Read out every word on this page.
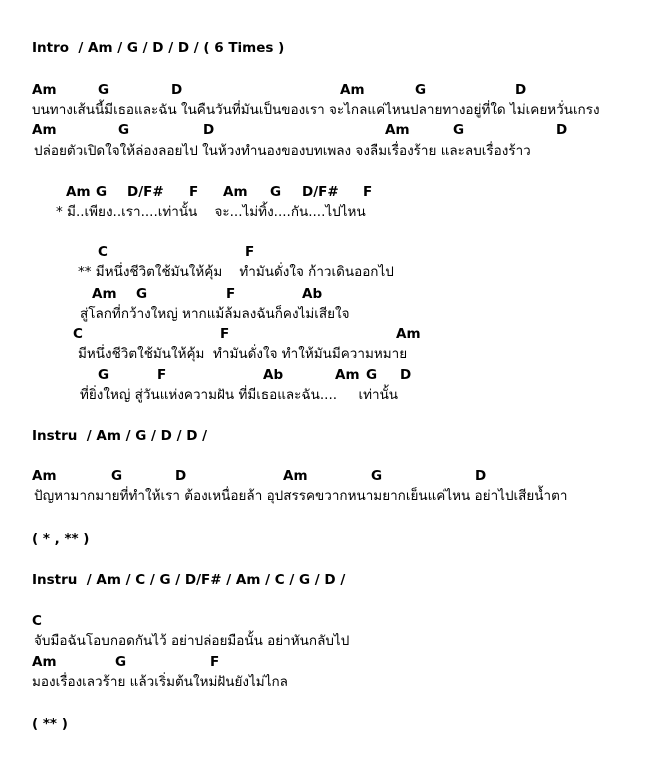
Intro  / Am / G / D / D / ( 6 Times )
Am	G	D	Am	G	D
บนทางเส้นนี้มีเธอและฉัน ในคืนวันที่มันเป็นของเรา จะไกลแค่ไหนปลายทางอยู่ที่ใด ไม่เคยหวั่นเกรง
Am	G	D	Am	G	D
ปล่อยตัวเปิดใจให้ล่องลอยไป ในห้วงทำนองของบทเพลง จงลืมเรื่องร้าย และลบเรื่องร้าว
Am G D/F# F Am G D/F# F
* มี..เพียง..เรา....เท่านั้น    จะ...ไม่ทิ้ง....กัน....ไปไหน
C	F
** มีหนึ่งชีวิตใช้มันให้คุ้ม    ทำมันดั่งใจ ก้าวเดินออกไป
Am G	F	Ab
สู่โลกที่กว้างใหญ่ หากแม้ล้มลงฉันก็คงไม่เสียใจ
C	F	Am
มีหนึ่งชีวิตใช้มันให้คุ้ม  ทำมันดั่งใจ ทำให้มันมีความหมาย
G	F	Ab	Am G D
ที่ยิ่งใหญ่ สู่วันแห่งความฝัน ที่มีเธอและฉัน....     เท่านั้น
Instru  / Am / G / D / D /
Am	G	D	Am	G	D
ปัญหามากมายที่ทำให้เรา ต้องเหนื่อยล้า อุปสรรคขวากหนามยากเย็นแค่ไหน อย่าไปเสียน้ำตา
( * , ** )
Instru  / Am / C / G / D/F# / Am / C / G / D /
C
จับมือฉันโอบกอดกันไว้ อย่าปล่อยมือนั้น อย่าหันกลับไป
Am	G	F
มองเรื่องเลวร้าย แล้วเริ่มต้นใหม่ฝันยังไม่ไกล
( ** )
